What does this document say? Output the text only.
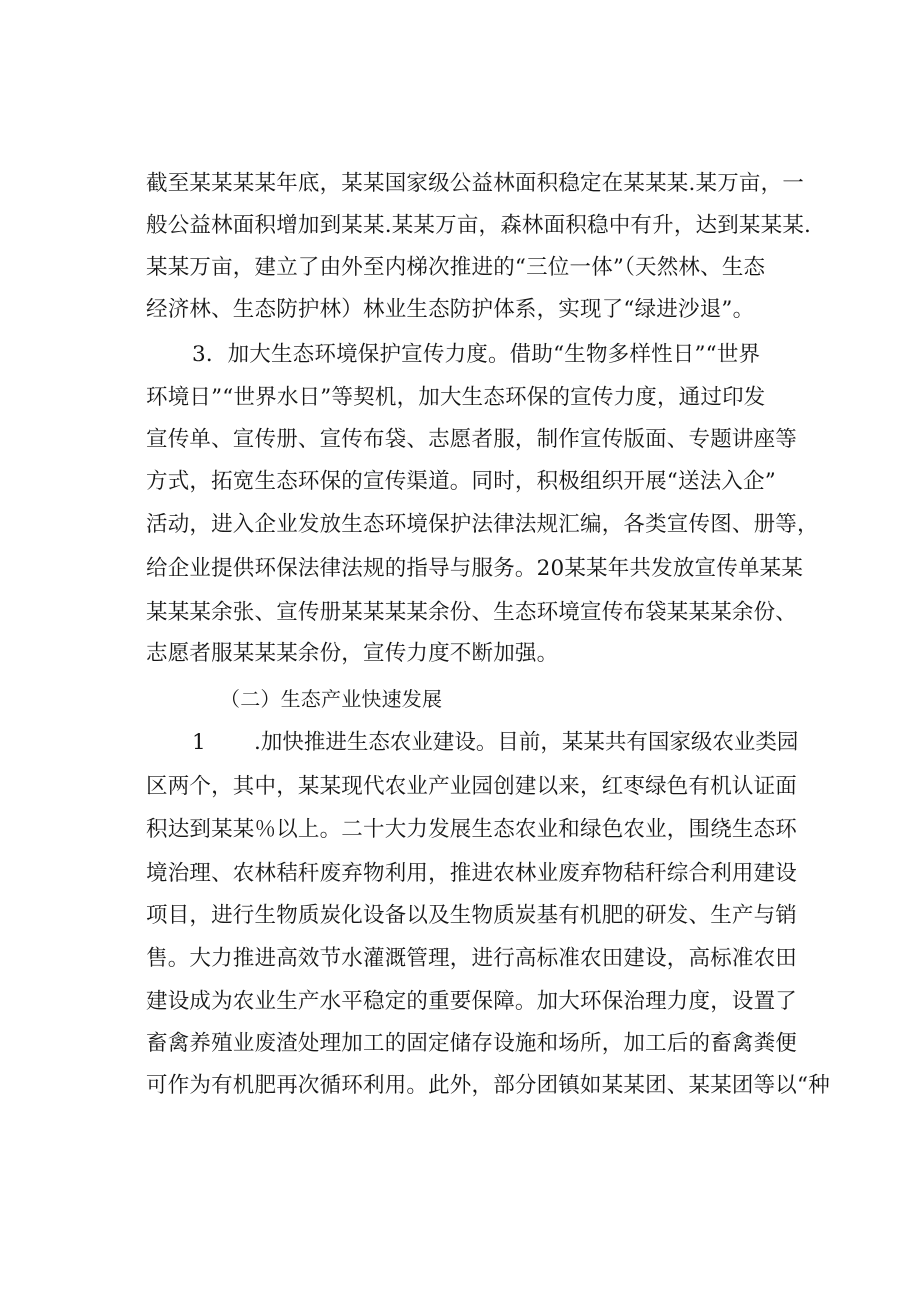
截至某某某某年底，某某国家级公益林面积稳定在某某某.某万亩，一
般公益林面积增加到某某.某某万亩，森林面积稳中有升，达到某某某.
某某万亩，建立了由外至内梯次推进的“三位一体”（天然林、生态
经济林、生态防护林）林业生态防护体系，实现了“绿进沙退”。
3．加大生态环境保护宣传力度。借助“生物多样性日”“世界
环境日”“世界水日”等契机，加大生态环保的宣传力度，通过印发
宣传单、宣传册、宣传布袋、志愿者服，制作宣传版面、专题讲座等
方式，拓宽生态环保的宣传渠道。同时，积极组织开展“送法入企”
活动，进入企业发放生态环境保护法律法规汇编，各类宣传图、册等，
给企业提供环保法律法规的指导与服务。20某某年共发放宣传单某某
某某某余张、宣传册某某某某余份、生态环境宣传布袋某某某余份、
志愿者服某某某余份，宣传力度不断加强。
（二）生态产业快速发展
1 .加快推进生态农业建设。目前，某某共有国家级农业类园
区两个，其中，某某现代农业产业园创建以来，红枣绿色有机认证面
积达到某某％以上。二十大力发展生态农业和绿色农业，围绕生态环
境治理、农林秸秆废弃物利用，推进农林业废弃物秸秆综合利用建设
项目，进行生物质炭化设备以及生物质炭基有机肥的研发、生产与销
售。大力推进高效节水灌溉管理，进行高标准农田建设，高标准农田
建设成为农业生产水平稳定的重要保障。加大环保治理力度，设置了
畜禽养殖业废渣处理加工的固定储存设施和场所，加工后的畜禽粪便
可作为有机肥再次循环利用。此外，部分团镇如某某团、某某团等以“种
